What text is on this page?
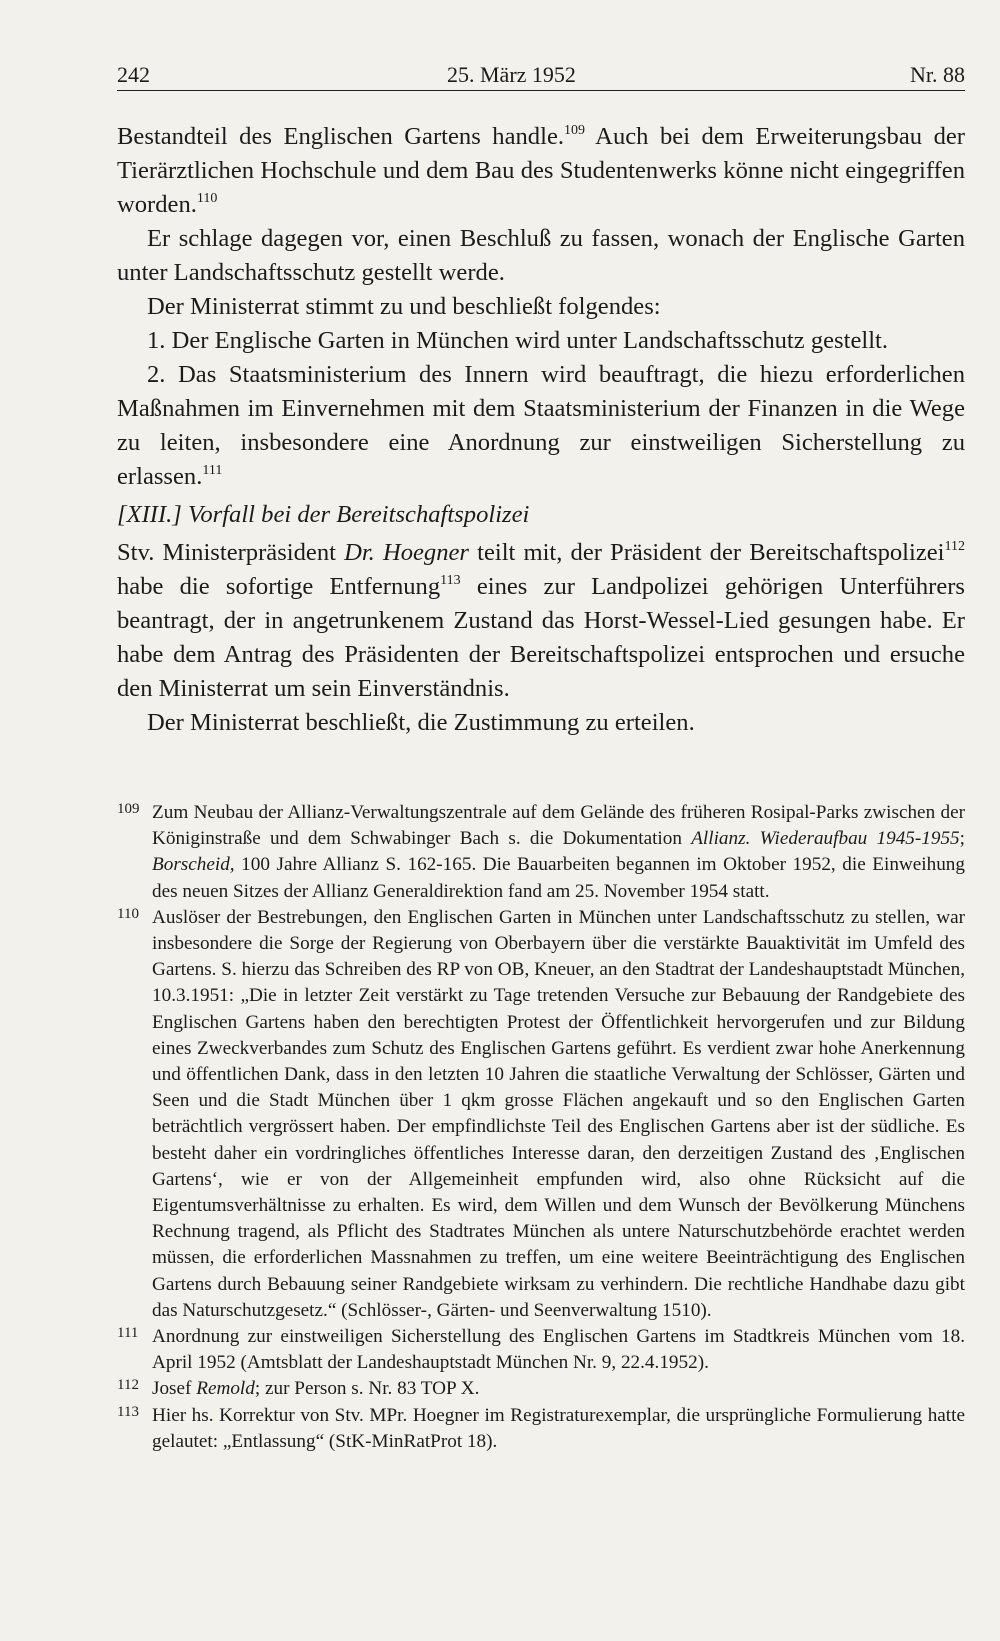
242	25. März 1952	Nr. 88

Bestandteil des Englischen Gartens handle.$^{109}$ Auch bei dem Erweiterungsbau der Tierärztlichen Hochschule und dem Bau des Studentenwerks könne nicht eingegriffen worden.$^{110}$

Er schlage dagegen vor, einen Beschluß zu fassen, wonach der Englische Garten unter Landschaftsschutz gestellt werde.

Der Ministerrat stimmt zu und beschließt folgendes:

1. Der Englische Garten in München wird unter Landschaftsschutz gestellt.

2. Das Staatsministerium des Innern wird beauftragt, die hiezu erforderlichen Maßnahmen im Einvernehmen mit dem Staatsministerium der Finanzen in die Wege zu leiten, insbesondere eine Anordnung zur einstweiligen Sicherstellung zu erlassen.$^{111}$

[XIII.] Vorfall bei der Bereitschaftspolizei

Stv. Ministerpräsident Dr. Hoegner teilt mit, der Präsident der Bereitschaftspolizei$^{112}$ habe die sofortige Entfernung$^{113}$ eines zur Landpolizei gehörigen Unterführers beantragt, der in angetrunkenem Zustand das Horst-Wessel-Lied gesungen habe. Er habe dem Antrag des Präsidenten der Bereitschaftspolizei entsprochen und ersuche den Ministerrat um sein Einverständnis.

Der Ministerrat beschließt, die Zustimmung zu erteilen.

109 Zum Neubau der Allianz-Verwaltungszentrale auf dem Gelände des früheren Rosipal-Parks zwischen der Königinstraße und dem Schwabinger Bach s. die Dokumentation Allianz. Wiederaufbau 1945-1955; Borscheid, 100 Jahre Allianz S. 162-165. Die Bauarbeiten begannen im Oktober 1952, die Einweihung des neuen Sitzes der Allianz Generaldirektion fand am 25. November 1954 statt.

110 Auslöser der Bestrebungen, den Englischen Garten in München unter Landschaftsschutz zu stellen, war insbesondere die Sorge der Regierung von Oberbayern über die verstärkte Bauaktivität im Umfeld des Gartens. S. hierzu das Schreiben des RP von OB, Kneuer, an den Stadtrat der Landeshauptstadt München, 10.3.1951: „Die in letzter Zeit verstärkt zu Tage tretenden Versuche zur Bebauung der Randgebiete des Englischen Gartens haben den berechtigten Protest der Öffentlichkeit hervorgerufen und zur Bildung eines Zweckverbandes zum Schutz des Englischen Gartens geführt. Es verdient zwar hohe Anerkennung und öffentlichen Dank, dass in den letzten 10 Jahren die staatliche Verwaltung der Schlösser, Gärten und Seen und die Stadt München über 1 qkm grosse Flächen angekauft und so den Englischen Garten beträchtlich vergrössert haben. Der empfindlichste Teil des Englischen Gartens aber ist der südliche. Es besteht daher ein vordringliches öffentliches Interesse daran, den derzeitigen Zustand des ‚Englischen Gartens‘, wie er von der Allgemeinheit empfunden wird, also ohne Rücksicht auf die Eigentumsverhältnisse zu erhalten. Es wird, dem Willen und dem Wunsch der Bevölkerung Münchens Rechnung tragend, als Pflicht des Stadtrates München als untere Naturschutzbehörde erachtet werden müssen, die erforderlichen Massnahmen zu treffen, um eine weitere Beeinträchtigung des Englischen Gartens durch Bebauung seiner Randgebiete wirksam zu verhindern. Die rechtliche Handhabe dazu gibt das Naturschutzgesetz.“ (Schlösser-, Gärten- und Seenverwaltung 1510).

111 Anordnung zur einstweiligen Sicherstellung des Englischen Gartens im Stadtkreis München vom 18. April 1952 (Amtsblatt der Landeshauptstadt München Nr. 9, 22.4.1952).

112 Josef Remold; zur Person s. Nr. 83 TOP X.

113 Hier hs. Korrektur von Stv. MPr. Hoegner im Registraturexemplar, die ursprüngliche Formulierung hatte gelautet: „Entlassung“ (StK-MinRatProt 18).
